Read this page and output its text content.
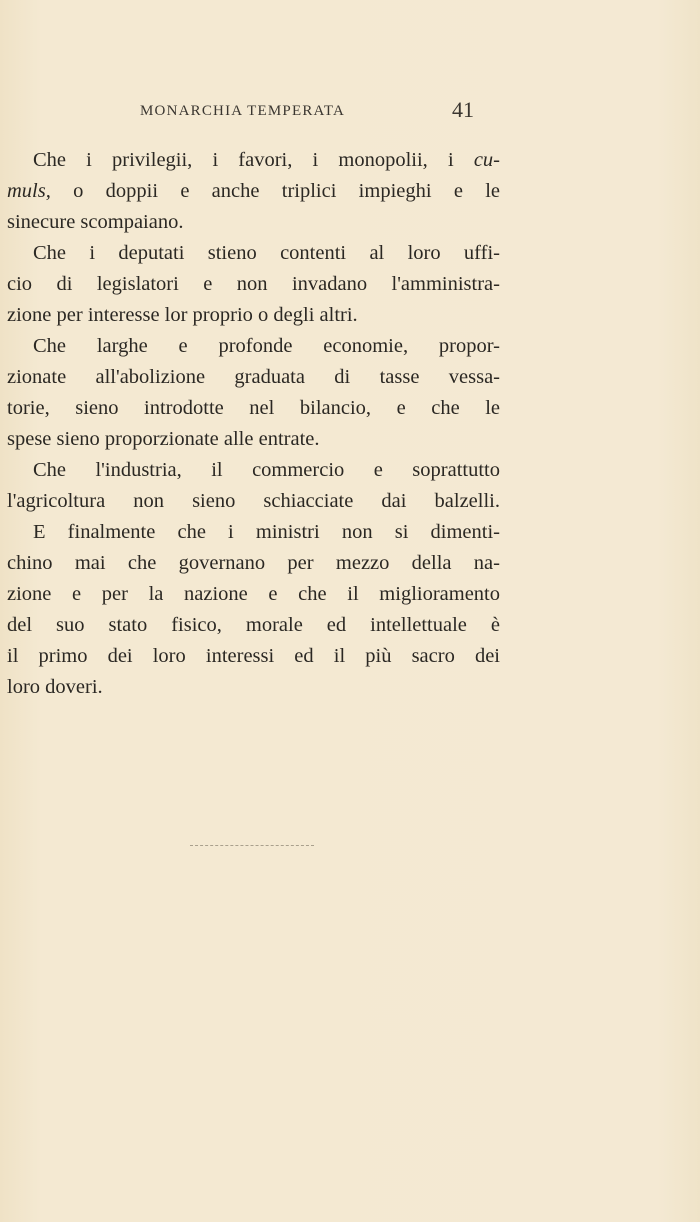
MONARCHIA TEMPERATA	41
Che i privilegii, i favori, i monopolii, i cu-
muls, o doppii e anche triplici impieghi e le
sinecure scompaiano.
Che i deputati stieno contenti al loro uffi-
cio di legislatori e non invadano l'amministra-
zione per interesse lor proprio o degli altri.
Che larghe e profonde economie, propor-
zionate all'abolizione graduata di tasse vessa-
torie, sieno introdotte nel bilancio, e che le
spese sieno proporzionate alle entrate.
Che l'industria, il commercio e soprattutto
l'agricoltura non sieno schiacciate dai balzelli.
E finalmente che i ministri non si dimenti-
chino mai che governano per mezzo della na-
zione e per la nazione e che il miglioramento
del suo stato fisico, morale ed intellettuale è
il primo dei loro interessi ed il più sacro dei
loro doveri.
